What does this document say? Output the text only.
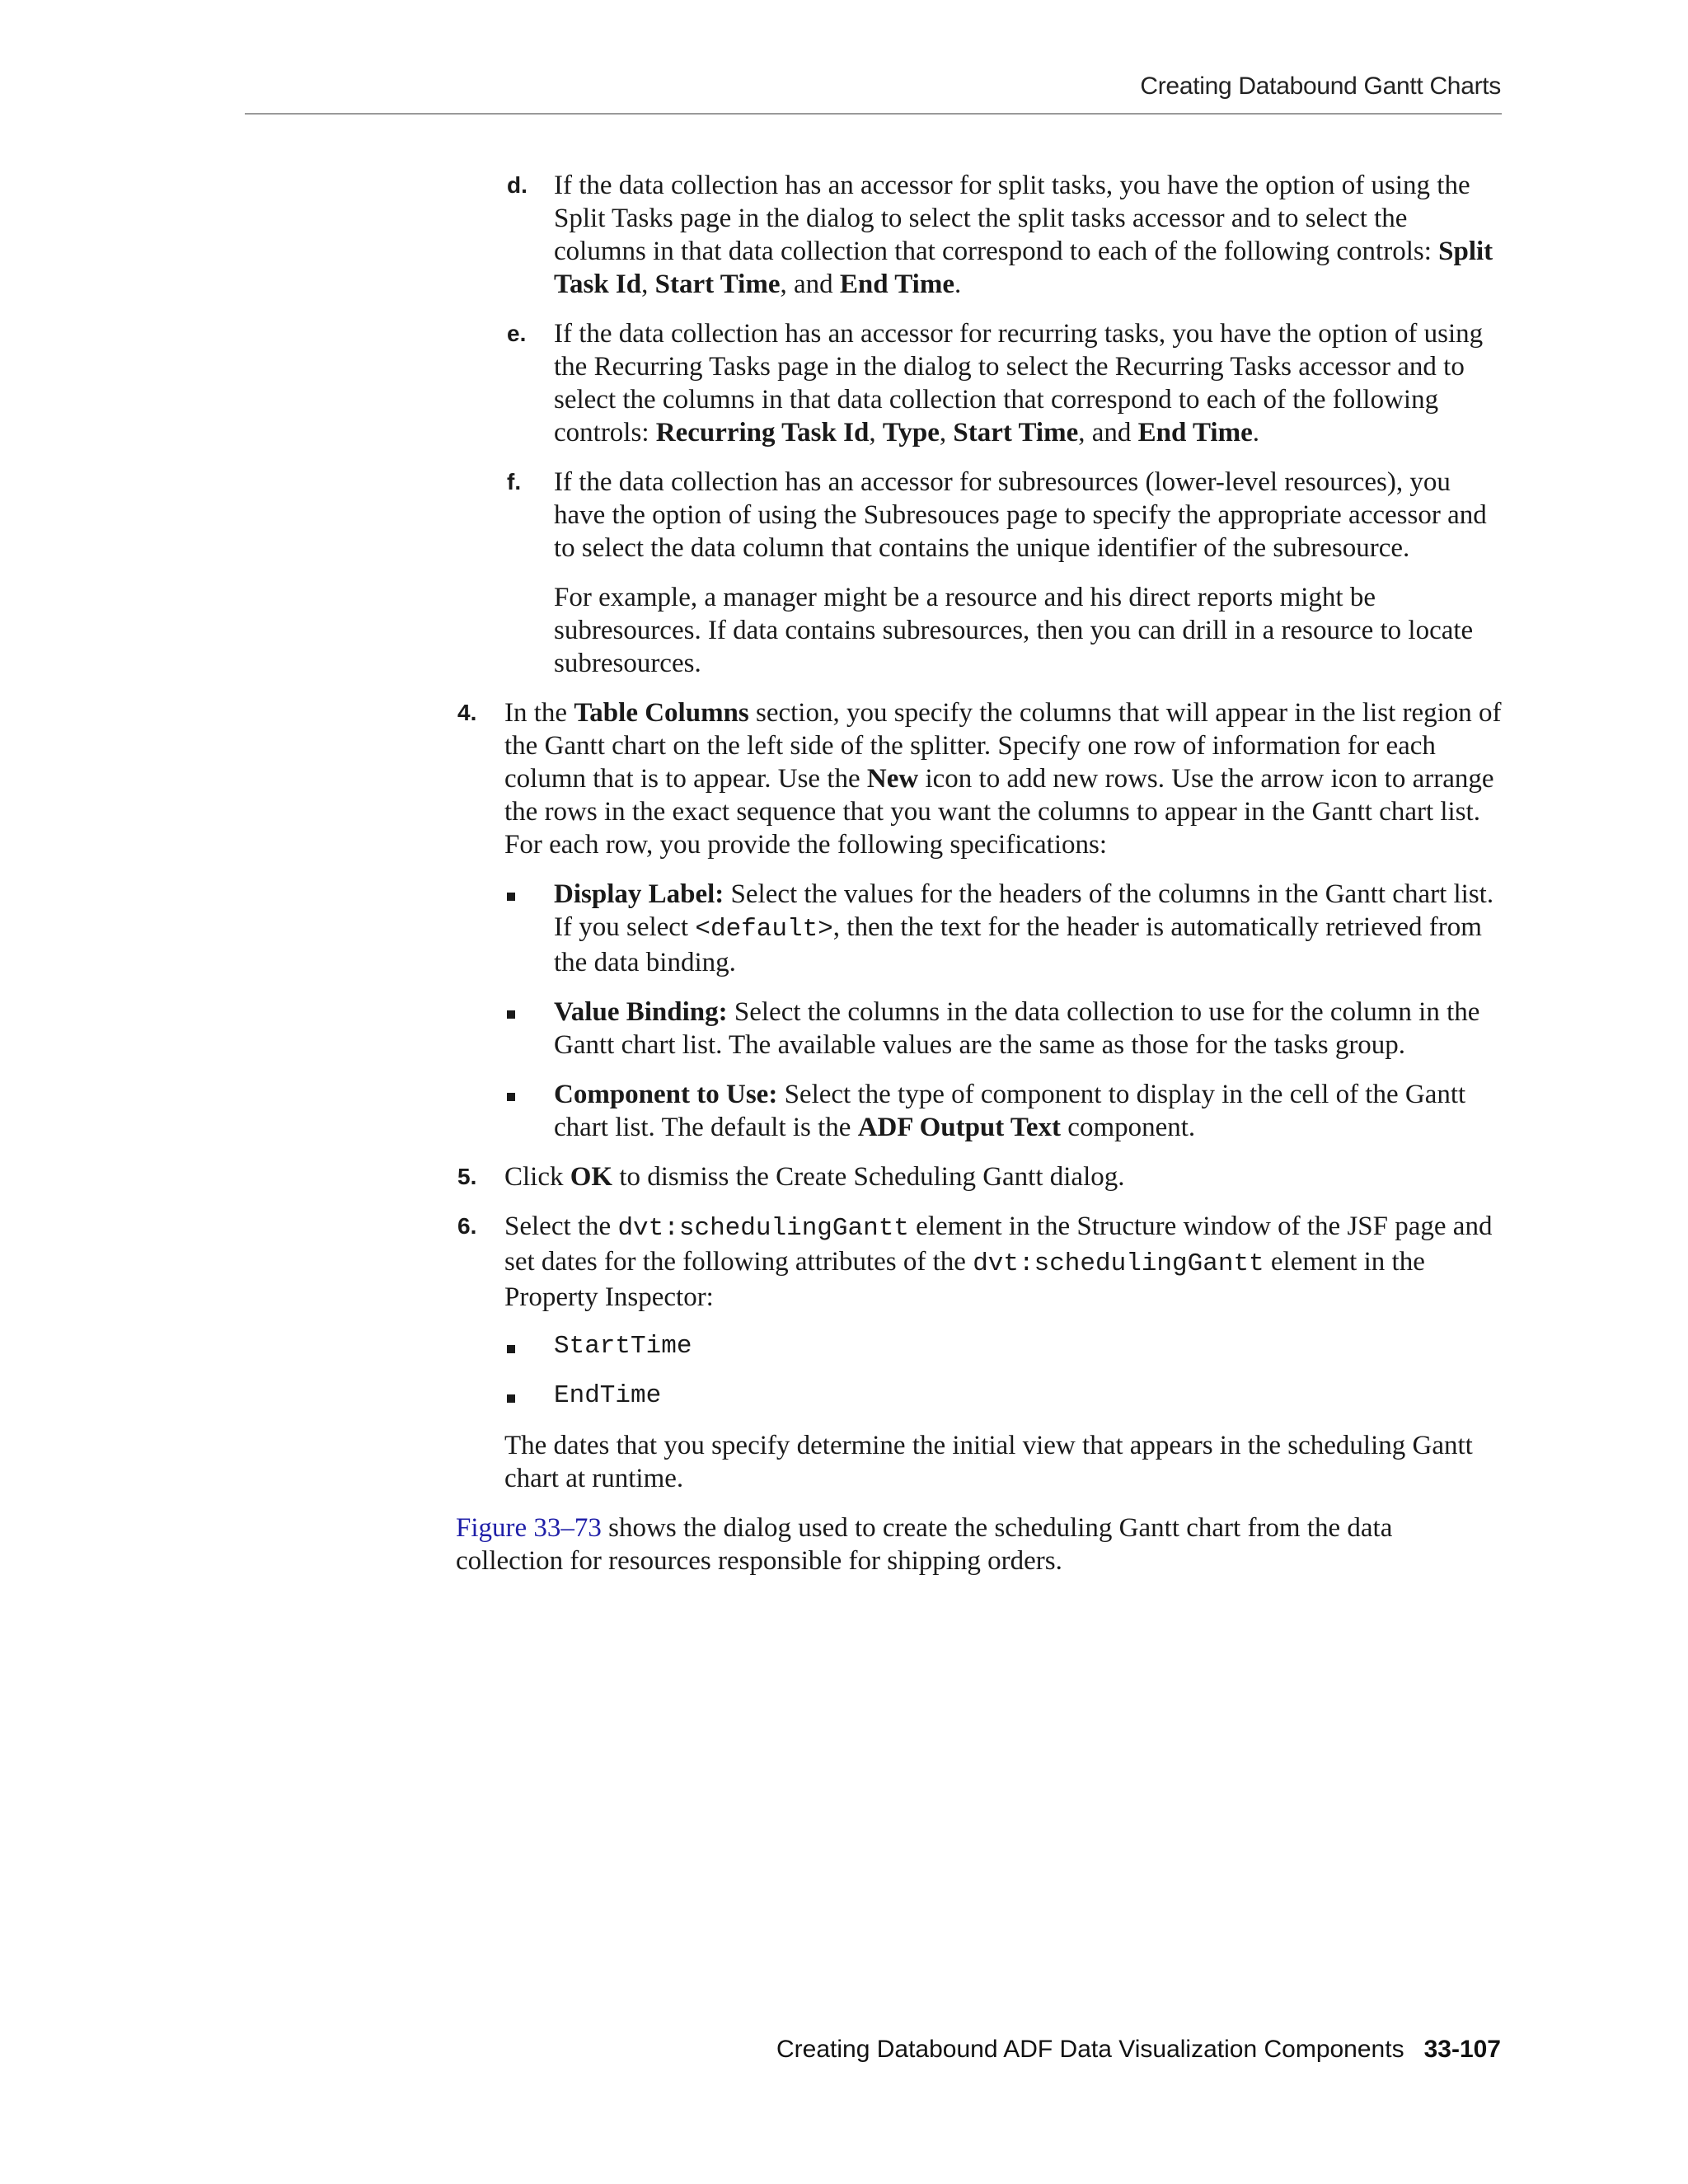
Creating Databound Gantt Charts
d. If the data collection has an accessor for split tasks, you have the option of using the Split Tasks page in the dialog to select the split tasks accessor and to select the columns in that data collection that correspond to each of the following controls: Split Task Id, Start Time, and End Time.

e. If the data collection has an accessor for recurring tasks, you have the option of using the Recurring Tasks page in the dialog to select the Recurring Tasks accessor and to select the columns in that data collection that correspond to each of the following controls: Recurring Task Id, Type, Start Time, and End Time.

f. If the data collection has an accessor for subresources (lower-level resources), you have the option of using the Subresouces page to specify the appropriate accessor and to select the data column that contains the unique identifier of the subresource.

For example, a manager might be a resource and his direct reports might be subresources. If data contains subresources, then you can drill in a resource to locate subresources.

4. In the Table Columns section, you specify the columns that will appear in the list region of the Gantt chart on the left side of the splitter. Specify one row of information for each column that is to appear. Use the New icon to add new rows. Use the arrow icon to arrange the rows in the exact sequence that you want the columns to appear in the Gantt chart list. For each row, you provide the following specifications:

Display Label: Select the values for the headers of the columns in the Gantt chart list. If you select <default>, then the text for the header is automatically retrieved from the data binding.

Value Binding: Select the columns in the data collection to use for the column in the Gantt chart list. The available values are the same as those for the tasks group.

Component to Use: Select the type of component to display in the cell of the Gantt chart list. The default is the ADF Output Text component.

5. Click OK to dismiss the Create Scheduling Gantt dialog.

6. Select the dvt:schedulingGantt element in the Structure window of the JSF page and set dates for the following attributes of the dvt:schedulingGantt element in the Property Inspector:

StartTime

EndTime

The dates that you specify determine the initial view that appears in the scheduling Gantt chart at runtime.

Figure 33–73 shows the dialog used to create the scheduling Gantt chart from the data collection for resources responsible for shipping orders.

Creating Databound ADF Data Visualization Components 33-107
